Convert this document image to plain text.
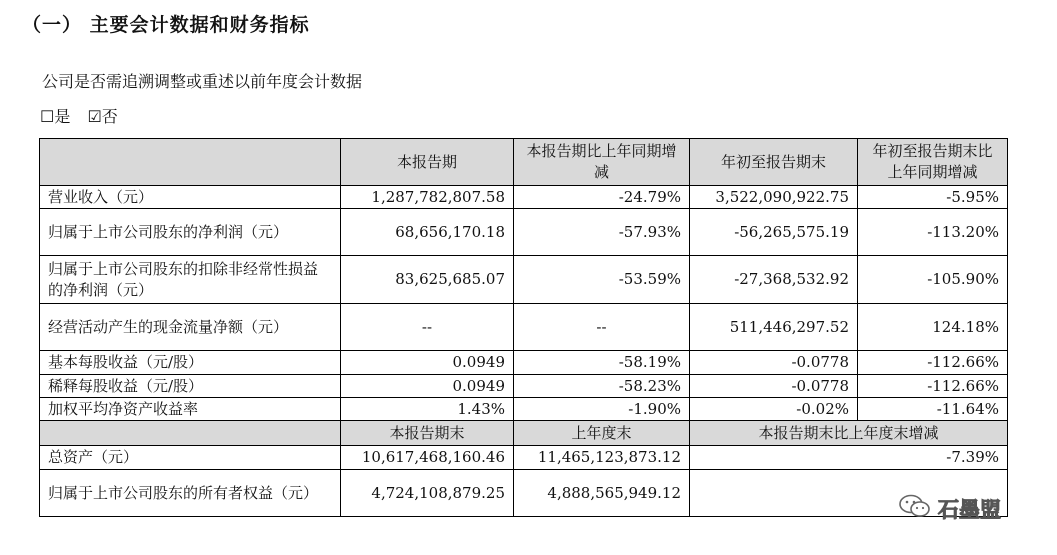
（一） 主要会计数据和财务指标
公司是否需追溯调整或重述以前年度会计数据
☐是 ☑否
	本报告期	本报告期比上年同期增减	年初至报告期末	年初至报告期末比上年同期增减
营业收入（元）	1,287,782,807.58	-24.79%	3,522,090,922.75	-5.95%
归属于上市公司股东的净利润（元）	68,656,170.18	-57.93%	-56,265,575.19	-113.20%
归属于上市公司股东的扣除非经常性损益的净利润（元）	83,625,685.07	-53.59%	-27,368,532.92	-105.90%
经营活动产生的现金流量净额（元）	--	--	511,446,297.52	124.18%
基本每股收益（元/股）	0.0949	-58.19%	-0.0778	-112.66%
稀释每股收益（元/股）	0.0949	-58.23%	-0.0778	-112.66%
加权平均净资产收益率	1.43%	-1.90%	-0.02%	-11.64%
	本报告期末	上年度末	本报告期末比上年度末增减	
总资产（元）	10,617,468,160.46	11,465,123,873.12	-7.39%	
归属于上市公司股东的所有者权益（元）	4,724,108,879.25	4,888,565,949.12		
石墨盟
